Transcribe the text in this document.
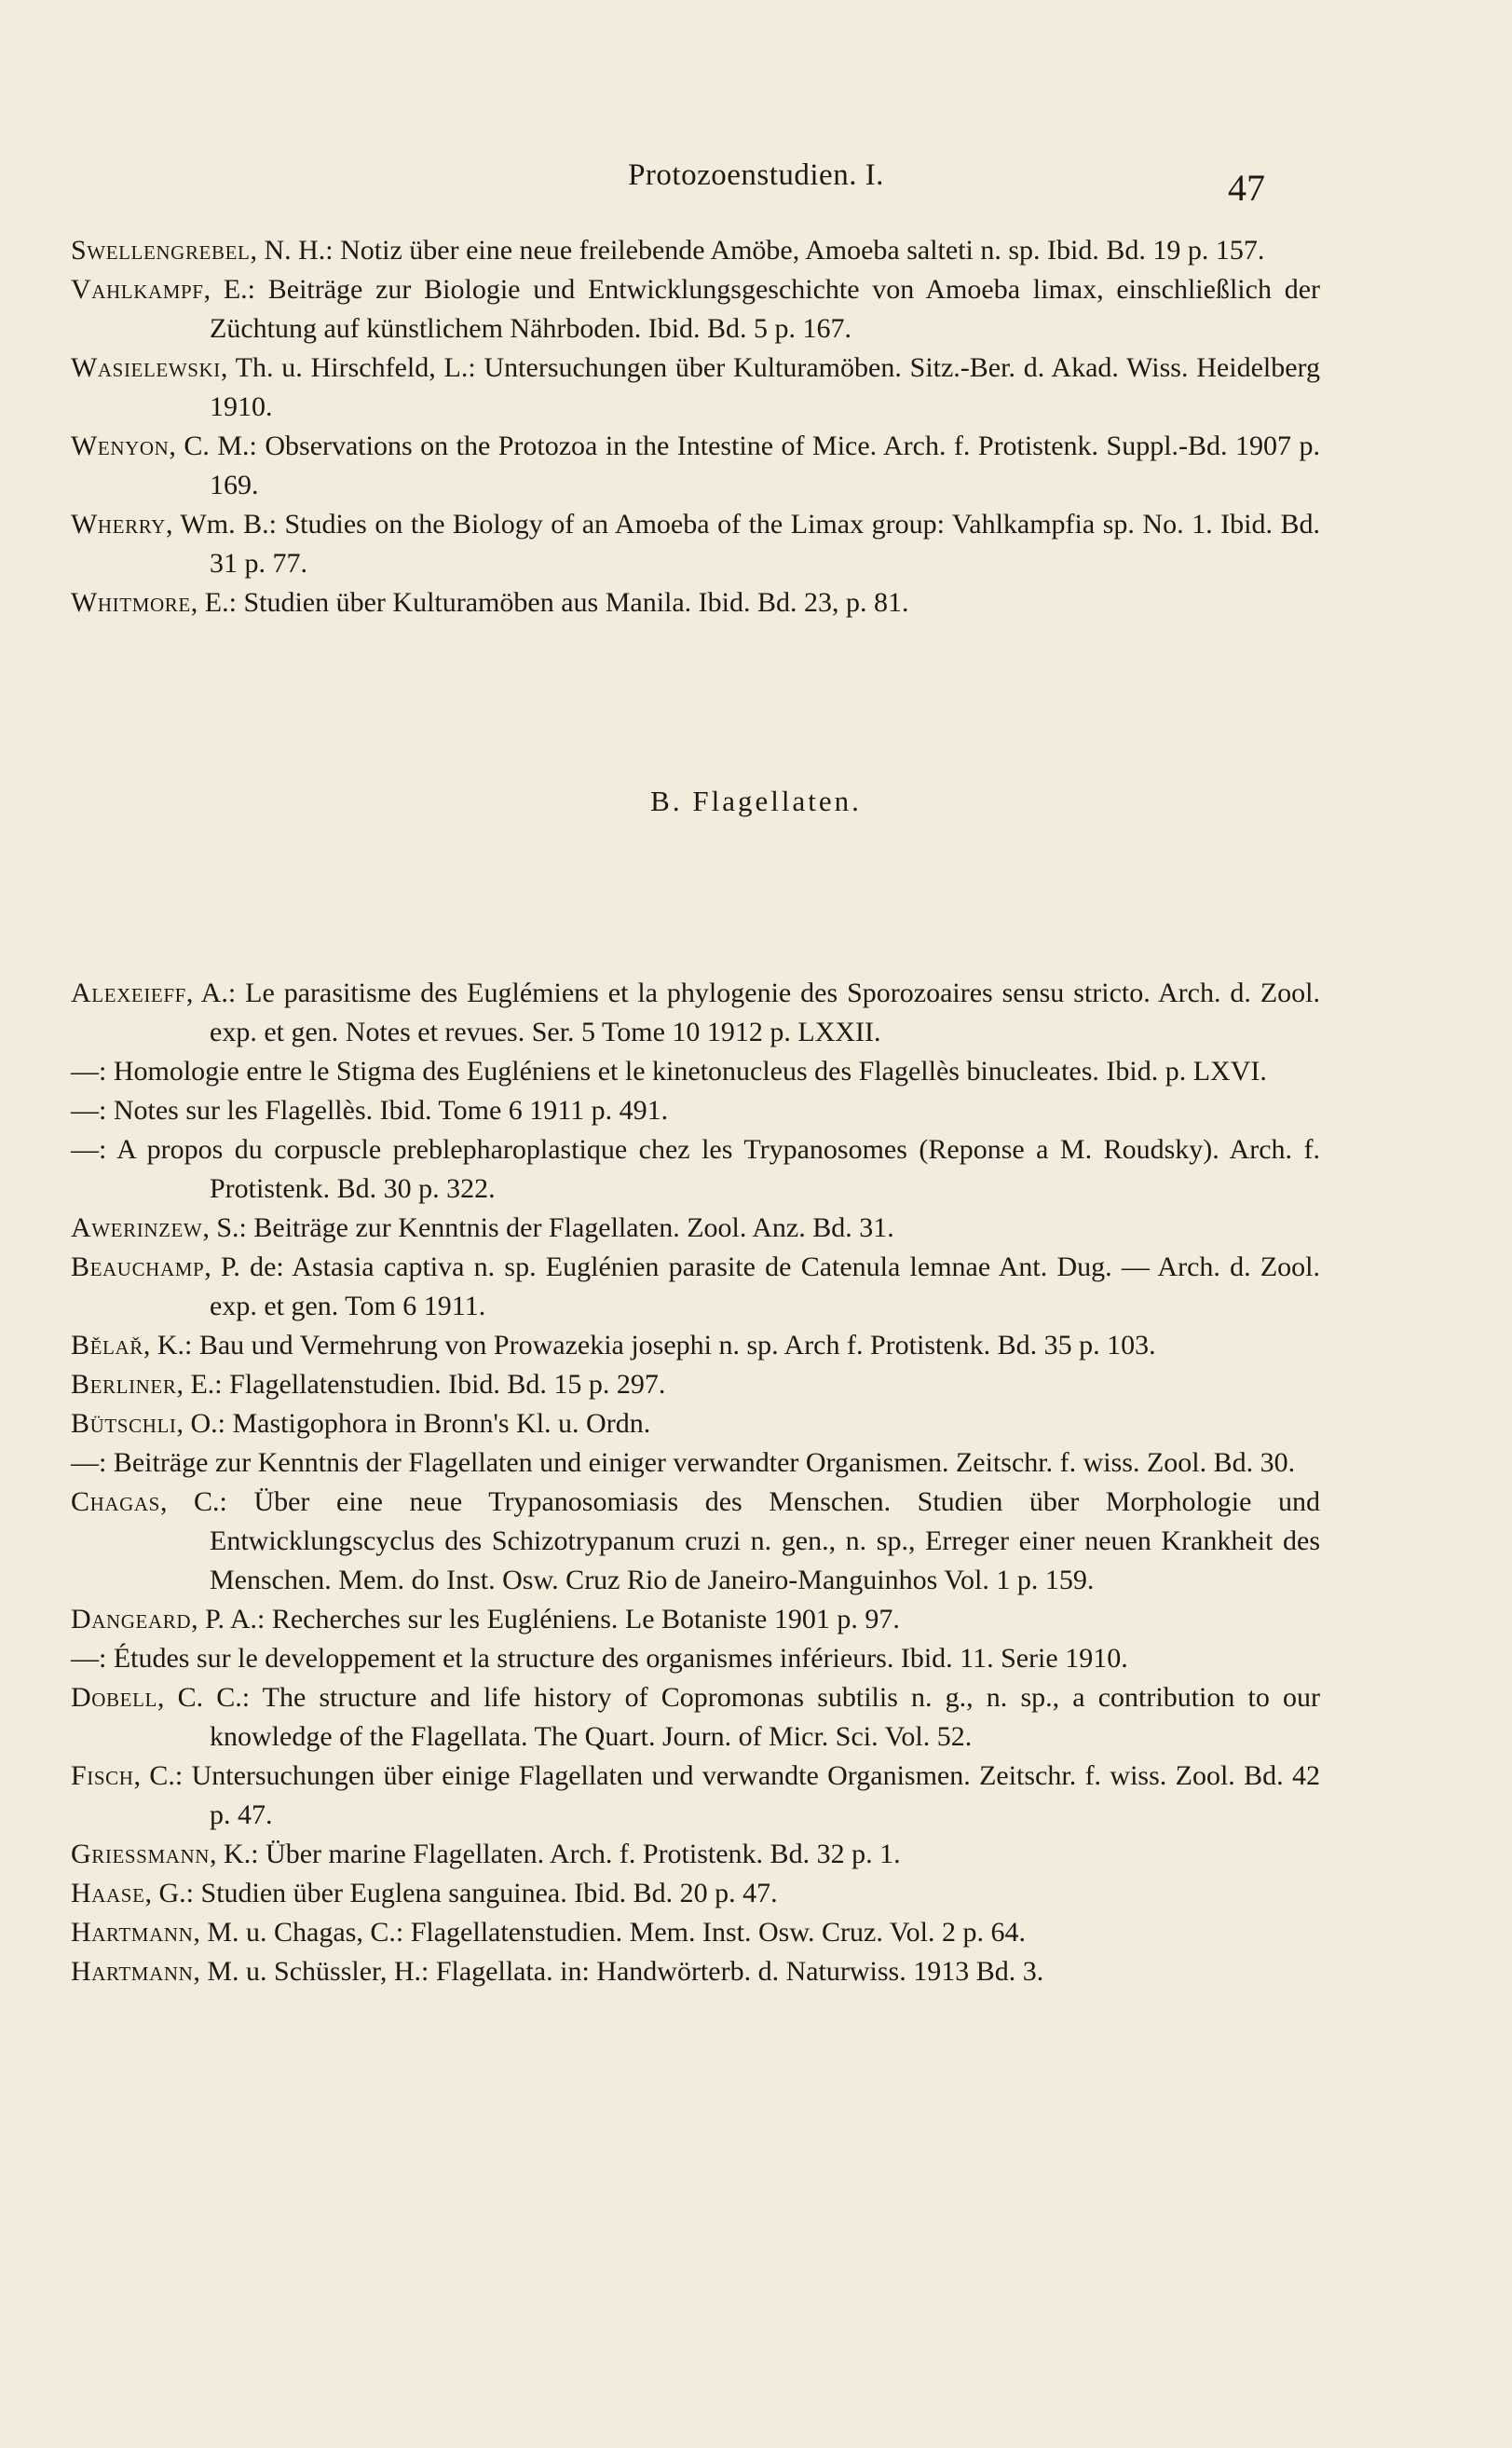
Protozoenstudien. I.	47
Swellengrebel, N. H.: Notiz über eine neue freilebende Amöbe, Amoeba salteti n. sp. Ibid. Bd. 19 p. 157.
Vahlkampf, E.: Beiträge zur Biologie und Entwicklungsgeschichte von Amoeba limax, einschließlich der Züchtung auf künstlichem Nährboden. Ibid. Bd. 5 p. 167.
Wasielewski, Th. u. Hirschfeld, L.: Untersuchungen über Kulturamöben. Sitz.-Ber. d. Akad. Wiss. Heidelberg 1910.
Wenyon, C. M.: Observations on the Protozoa in the Intestine of Mice. Arch. f. Protistenk. Suppl.-Bd. 1907 p. 169.
Wherry, Wm. B.: Studies on the Biology of an Amoeba of the Limax group: Vahlkampfia sp. No. 1. Ibid. Bd. 31 p. 77.
Whitmore, E.: Studien über Kulturamöben aus Manila. Ibid. Bd. 23, p. 81.
B. Flagellaten.
Alexeieff, A.: Le parasitisme des Euglémiens et la phylogenie des Sporozoaires sensu stricto. Arch. d. Zool. exp. et gen. Notes et revues. Ser. 5 Tome 10 1912 p. LXXII.
—: Homologie entre le Stigma des Eugléniens et le kinetonucleus des Flagellès binucleates. Ibid. p. LXVI.
—: Notes sur les Flagellès. Ibid. Tome 6 1911 p. 491.
—: A propos du corpuscle preblepharoplastique chez les Trypanosomes (Reponse a M. Roudsky). Arch. f. Protistenk. Bd. 30 p. 322.
Awerinzew, S.: Beiträge zur Kenntnis der Flagellaten. Zool. Anz. Bd. 31.
Beauchamp, P. de: Astasia captiva n. sp. Euglénien parasite de Catenula lemnae Ant. Dug. — Arch. d. Zool. exp. et gen. Tom 6 1911.
Bělař, K.: Bau und Vermehrung von Prowazekia josephi n. sp. Arch f. Protistenk. Bd. 35 p. 103.
Berliner, E.: Flagellatenstudien. Ibid. Bd. 15 p. 297.
Bütschli, O.: Mastigophora in Bronn's Kl. u. Ordn.
—: Beiträge zur Kenntnis der Flagellaten und einiger verwandter Organismen. Zeitschr. f. wiss. Zool. Bd. 30.
Chagas, C.: Über eine neue Trypanosomiasis des Menschen. Studien über Morphologie und Entwicklungscyclus des Schizotrypanum cruzi n. gen., n. sp., Erreger einer neuen Krankheit des Menschen. Mem. do Inst. Osw. Cruz Rio de Janeiro-Manguinhos Vol. 1 p. 159.
Dangeard, P. A.: Recherches sur les Eugléniens. Le Botaniste 1901 p. 97.
—: Études sur le developpement et la structure des organismes inférieurs. Ibid. 11. Serie 1910.
Dobell, C. C.: The structure and life history of Copromonas subtilis n. g., n. sp., a contribution to our knowledge of the Flagellata. The Quart. Journ. of Micr. Sci. Vol. 52.
Fisch, C.: Untersuchungen über einige Flagellaten und verwandte Organismen. Zeitschr. f. wiss. Zool. Bd. 42 p. 47.
Griessmann, K.: Über marine Flagellaten. Arch. f. Protistenk. Bd. 32 p. 1.
Haase, G.: Studien über Euglena sanguinea. Ibid. Bd. 20 p. 47.
Hartmann, M. u. Chagas, C.: Flagellatenstudien. Mem. Inst. Osw. Cruz. Vol. 2 p. 64.
Hartmann, M. u. Schüssler, H.: Flagellata. in: Handwörterb. d. Naturwiss. 1913 Bd. 3.
